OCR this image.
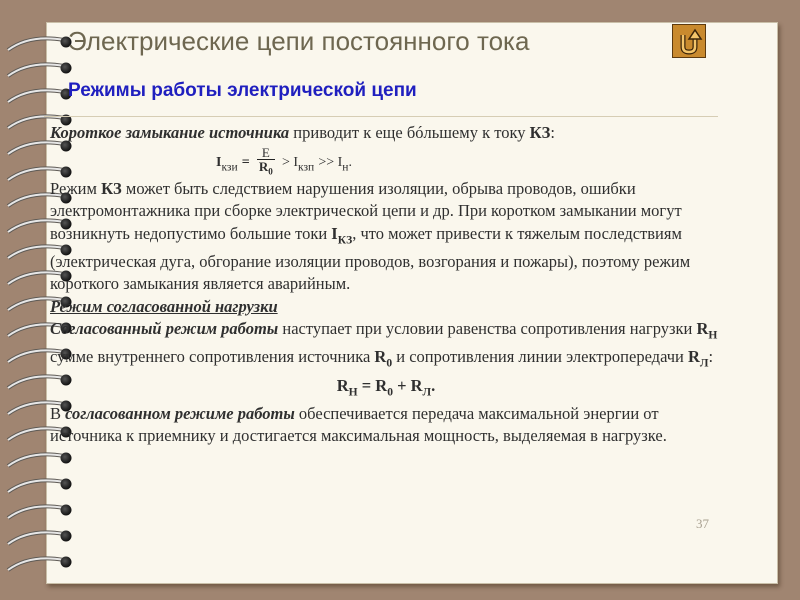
Электрические цепи постоянного тока
Режимы работы электрической цепи

Короткое замыкание источника приводит к еще бóльшему к току КЗ:

$I_{кзи} = \frac{E}{R_0} > I_{кзп} >> I_н$.

Режим КЗ может быть следствием нарушения изоляции, обрыва проводов, ошибки электромонтажника при сборке электрической цепи и др. При коротком замыкании могут возникнуть недопустимо большие токи $I_{КЗ}$, что может привести к тяжелым последствиям (электрическая дуга, обгорание изоляции проводов, возгорания и пожары), поэтому режим короткого замыкания является аварийным.

Режим согласованной нагрузки

Согласованный режим работы наступает при условии равенства сопротивления нагрузки $R_Н$ сумме внутреннего сопротивления источника $R_0$ и сопротивления линии электропередачи $R_Л$:

$R_Н = R_0 + R_Л$.

В согласованном режиме работы обеспечивается передача максимальной энергии от источника к приемнику и достигается максимальная мощность, выделяемая в нагрузке.

37
